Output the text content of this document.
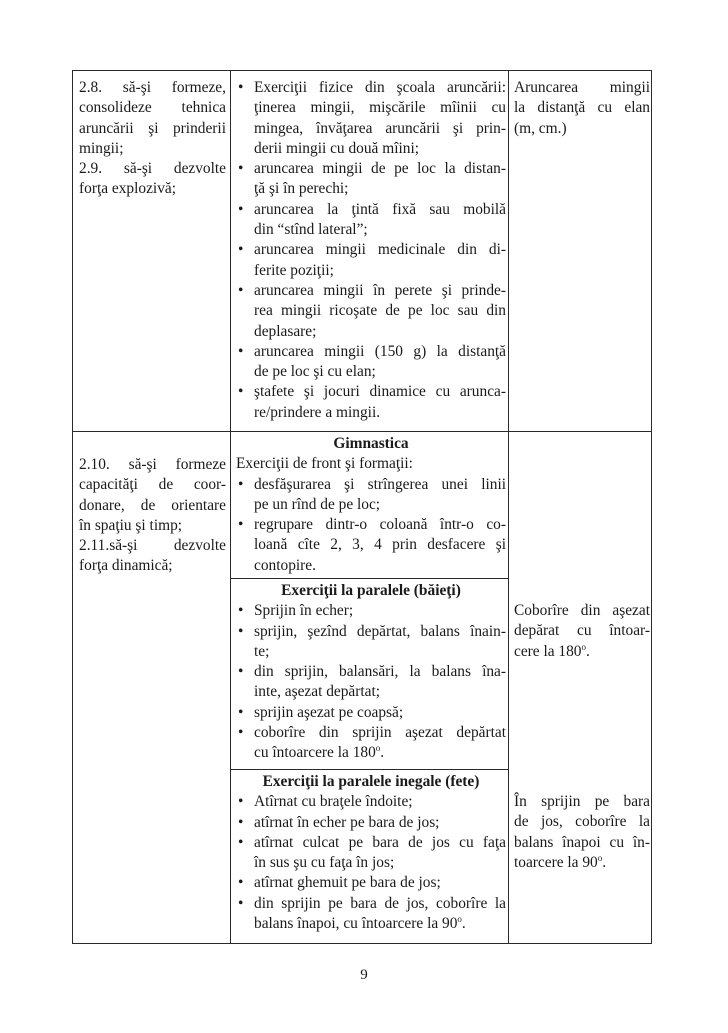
2.8. să-şi formeze,
consolideze tehnica
aruncării şi prinderii
mingii;
2.9. să-şi dezvolte
forţa explozivă;
• Exerciţii fizice din şcoala aruncării:
ţinerea mingii, mişcările mîinii cu
mingea, învăţarea aruncării şi prin-
derii mingii cu două mîini;
• aruncarea mingii de pe loc la distan-
ţă şi în perechi;
• aruncarea la ţintă fixă sau mobilă
din “stînd lateral”;
• aruncarea mingii medicinale din di-
ferite poziţii;
• aruncarea mingii în perete şi prinde-
rea mingii ricoşate de pe loc sau din
deplasare;
• aruncarea mingii (150 g) la distanţă
de pe loc şi cu elan;
• ştafete şi jocuri dinamice cu arunca-
re/prindere a mingii.
Aruncarea mingii
la distanţă cu elan
(m, cm.)
2.10. să-şi formeze
capacităţi de coor-
donare, de orientare
în spaţiu şi timp;
2.11.să-şi dezvolte
forţa dinamică;
Gimnastica
Exerciţii de front şi formaţii:
• desfăşurarea şi strîngerea unei linii
pe un rînd de pe loc;
• regrupare dintr-o coloană într-o co-
loană cîte 2, 3, 4 prin desfacere şi
contopire.
Exerciţii la paralele (băieţi)
• Sprijin în echer;
• sprijin, şezînd depărtat, balans înain-
te;
• din sprijin, balansări, la balans îna-
inte, aşezat depărtat;
• sprijin aşezat pe coapsă;
• coborîre din sprijin aşezat depărtat
cu întoarcere la 180$^o$.
Coborîre din aşezat
depărat cu întoar-
cere la 180$^o$.
Exerciţii la paralele inegale (fete)
• Atîrnat cu braţele îndoite;
• atîrnat în echer pe bara de jos;
• atîrnat culcat pe bara de jos cu faţa
în sus şu cu faţa în jos;
• atîrnat ghemuit pe bara de jos;
• din sprijin pe bara de jos, coborîre la
balans înapoi, cu întoarcere la 90$^o$.
În sprijin pe bara
de jos, coborîre la
balans înapoi cu în-
toarcere la 90$^o$.
9
